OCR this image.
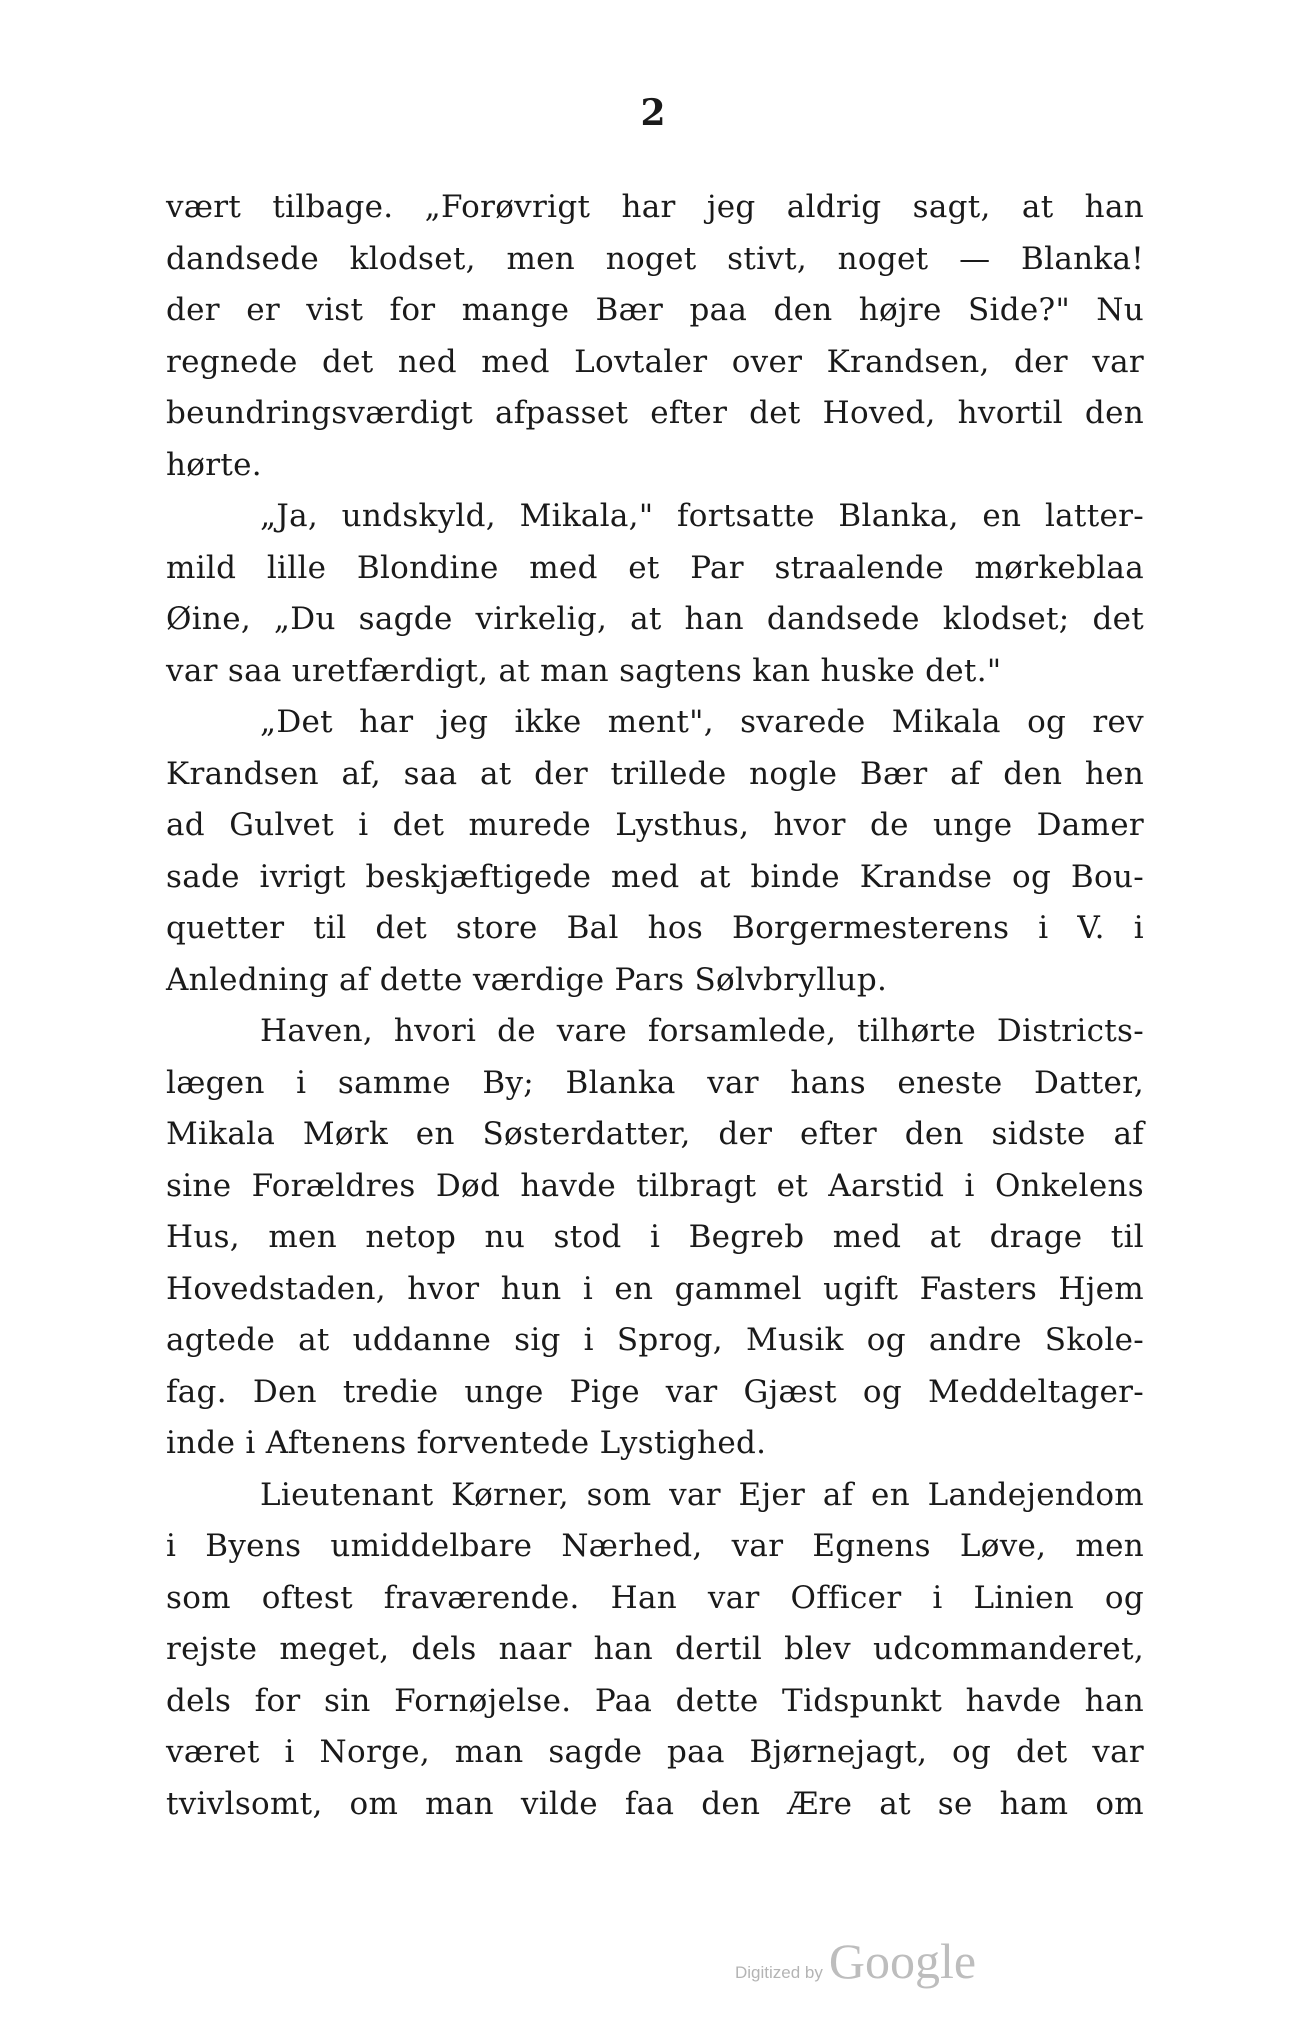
2
vært tilbage. „Forøvrigt har jeg aldrig sagt, at han
dandsede klodset, men noget stivt, noget — Blanka!
der er vist for mange Bær paa den højre Side?" Nu
regnede det ned med Lovtaler over Krandsen, der var
beundringsværdigt afpasset efter det Hoved, hvortil den
hørte.
„Ja, undskyld, Mikala," fortsatte Blanka, en latter-
mild lille Blondine med et Par straalende mørkeblaa
Øine, „Du sagde virkelig, at han dandsede klodset; det
var saa uretfærdigt, at man sagtens kan huske det."
„Det har jeg ikke ment", svarede Mikala og rev
Krandsen af, saa at der trillede nogle Bær af den hen
ad Gulvet i det murede Lysthus, hvor de unge Damer
sade ivrigt beskjæftigede med at binde Krandse og Bou-
quetter til det store Bal hos Borgermesterens i V. i
Anledning af dette værdige Pars Sølvbryllup.
Haven, hvori de vare forsamlede, tilhørte Districts-
lægen i samme By; Blanka var hans eneste Datter,
Mikala Mørk en Søsterdatter, der efter den sidste af
sine Forældres Død havde tilbragt et Aarstid i Onkelens
Hus, men netop nu stod i Begreb med at drage til
Hovedstaden, hvor hun i en gammel ugift Fasters Hjem
agtede at uddanne sig i Sprog, Musik og andre Skole-
fag. Den tredie unge Pige var Gjæst og Meddeltager-
inde i Aftenens forventede Lystighed.
Lieutenant Kørner, som var Ejer af en Landejendom
i Byens umiddelbare Nærhed, var Egnens Løve, men
som oftest fraværende. Han var Officer i Linien og
rejste meget, dels naar han dertil blev udcommanderet,
dels for sin Fornøjelse. Paa dette Tidspunkt havde han
været i Norge, man sagde paa Bjørnejagt, og det var
tvivlsomt, om man vilde faa den Ære at se ham om
Digitized by Google
